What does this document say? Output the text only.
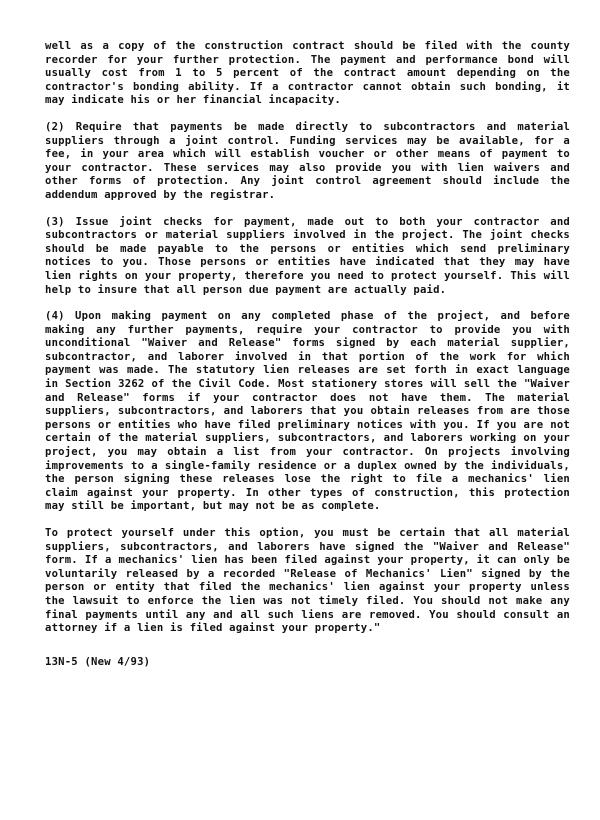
well as a copy of the construction contract should be filed with the county recorder for your further protection. The payment and performance bond will usually cost from 1 to 5 percent of the contract amount depending on the contractor's bonding ability. If a contractor cannot obtain such bonding, it may indicate his or her financial incapacity.

(2) Require that payments be made directly to subcontractors and material suppliers through a joint control. Funding services may be available, for a fee, in your area which will establish voucher or other means of payment to your contractor. These services may also provide you with lien waivers and other forms of protection. Any joint control agreement should include the addendum approved by the registrar.

(3) Issue joint checks for payment, made out to both your contractor and subcontractors or material suppliers involved in the project. The joint checks should be made payable to the persons or entities which send preliminary notices to you. Those persons or entities have indicated that they may have lien rights on your property, therefore you need to protect yourself. This will help to insure that all person due payment are actually paid.

(4) Upon making payment on any completed phase of the project, and before making any further payments, require your contractor to provide you with unconditional "Waiver and Release" forms signed by each material supplier, subcontractor, and laborer involved in that portion of the work for which payment was made. The statutory lien releases are set forth in exact language in Section 3262 of the Civil Code. Most stationery stores will sell the "Waiver and Release" forms if your contractor does not have them. The material suppliers, subcontractors, and laborers that you obtain releases from are those persons or entities who have filed preliminary notices with you. If you are not certain of the material suppliers, subcontractors, and laborers working on your project, you may obtain a list from your contractor. On projects involving improvements to a single-family residence or a duplex owned by the individuals, the person signing these releases lose the right to file a mechanics' lien claim against your property. In other types of construction, this protection may still be important, but may not be as complete.

To protect yourself under this option, you must be certain that all material suppliers, subcontractors, and laborers have signed the "Waiver and Release" form. If a mechanics' lien has been filed against your property, it can only be voluntarily released by a recorded "Release of Mechanics' Lien" signed by the person or entity that filed the mechanics' lien against your property unless the lawsuit to enforce the lien was not timely filed. You should not make any final payments until any and all such liens are removed. You should consult an attorney if a lien is filed against your property."

13N-5 (New 4/93)
